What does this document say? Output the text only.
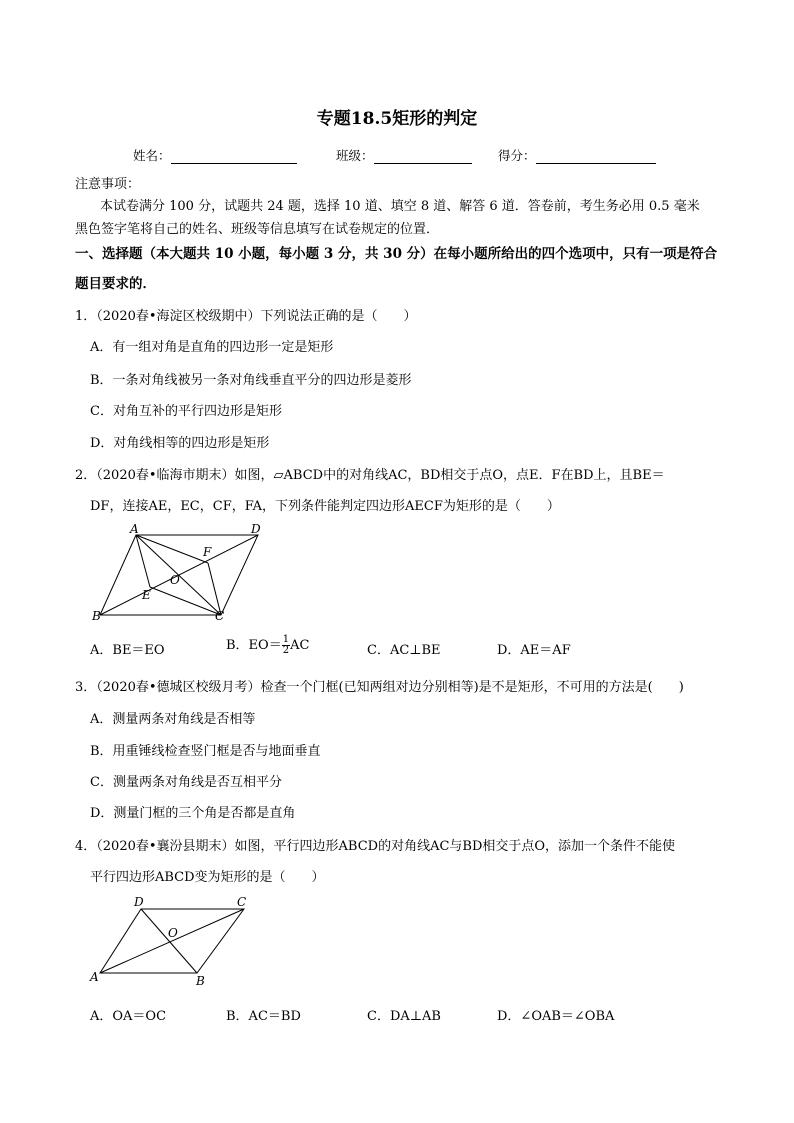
专题18.5矩形的判定
姓名：	班级：	得分：
注意事项：
本试卷满分 100 分，试题共 24 题，选择 10 道、填空 8 道、解答 6 道．答卷前，考生务必用 0.5 毫米
黑色签字笔将自己的姓名、班级等信息填写在试卷规定的位置．
一、选择题（本大题共 10 小题，每小题 3 分，共 30 分）在每小题所给出的四个选项中，只有一项是符合
题目要求的．
1．（2020春•海淀区校级期中）下列说法正确的是（　　）
A．有一组对角是直角的四边形一定是矩形
B．一条对角线被另一条对角线垂直平分的四边形是菱形
C．对角互补的平行四边形是矩形
D．对角线相等的四边形是矩形
2．（2020春•临海市期末）如图，▱ABCD中的对角线AC，BD相交于点O，点E．F在BD上，且BE＝
DF，连接AE，EC，CF，FA，下列条件能判定四边形AECF为矩形的是（　　）
A	D
F
O
E
B	C
A．BE＝EO	B．$EO= \frac{1}{2}$ AC	C．AC⊥BE	D．AE＝AF
3．（2020春•德城区校级月考）检查一个门框(已知两组对边分别相等)是不是矩形，不可用的方法是(　　)
A．测量两条对角线是否相等
B．用重锤线检查竖门框是否与地面垂直
C．测量两条对角线是否互相平分
D．测量门框的三个角是否都是直角
4．（2020春•襄汾县期末）如图，平行四边形ABCD的对角线AC与BD相交于点O，添加一个条件不能使
平行四边形ABCD变为矩形的是（　　）
D	C
O
A	B
A．OA＝OC	B．AC＝BD	C．DA⊥AB	D．∠OAB＝∠OBA
